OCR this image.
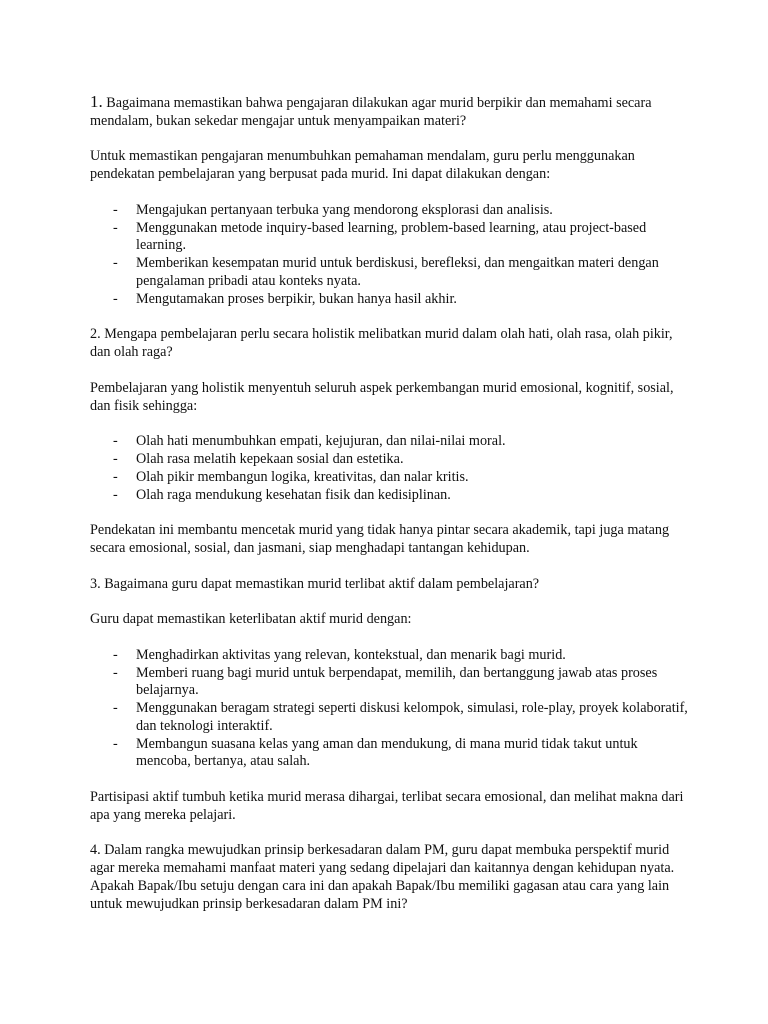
1. Bagaimana memastikan bahwa pengajaran dilakukan agar murid berpikir dan memahami secara mendalam, bukan sekedar mengajar untuk menyampaikan materi?

Untuk memastikan pengajaran menumbuhkan pemahaman mendalam, guru perlu menggunakan pendekatan pembelajaran yang berpusat pada murid. Ini dapat dilakukan dengan:

- Mengajukan pertanyaan terbuka yang mendorong eksplorasi dan analisis.
- Menggunakan metode inquiry-based learning, problem-based learning, atau project-based learning.
- Memberikan kesempatan murid untuk berdiskusi, berefleksi, dan mengaitkan materi dengan pengalaman pribadi atau konteks nyata.
- Mengutamakan proses berpikir, bukan hanya hasil akhir.

2. Mengapa pembelajaran perlu secara holistik melibatkan murid dalam olah hati, olah rasa, olah pikir, dan olah raga?

Pembelajaran yang holistik menyentuh seluruh aspek perkembangan murid emosional, kognitif, sosial, dan fisik sehingga:

- Olah hati menumbuhkan empati, kejujuran, dan nilai-nilai moral.
- Olah rasa melatih kepekaan sosial dan estetika.
- Olah pikir membangun logika, kreativitas, dan nalar kritis.
- Olah raga mendukung kesehatan fisik dan kedisiplinan.

Pendekatan ini membantu mencetak murid yang tidak hanya pintar secara akademik, tapi juga matang secara emosional, sosial, dan jasmani, siap menghadapi tantangan kehidupan.

3. Bagaimana guru dapat memastikan murid terlibat aktif dalam pembelajaran?

Guru dapat memastikan keterlibatan aktif murid dengan:

- Menghadirkan aktivitas yang relevan, kontekstual, dan menarik bagi murid.
- Memberi ruang bagi murid untuk berpendapat, memilih, dan bertanggung jawab atas proses belajarnya.
- Menggunakan beragam strategi seperti diskusi kelompok, simulasi, role-play, proyek kolaboratif, dan teknologi interaktif.
- Membangun suasana kelas yang aman dan mendukung, di mana murid tidak takut untuk mencoba, bertanya, atau salah.

Partisipasi aktif tumbuh ketika murid merasa dihargai, terlibat secara emosional, dan melihat makna dari apa yang mereka pelajari.

4. Dalam rangka mewujudkan prinsip berkesadaran dalam PM, guru dapat membuka perspektif murid agar mereka memahami manfaat materi yang sedang dipelajari dan kaitannya dengan kehidupan nyata. Apakah Bapak/Ibu setuju dengan cara ini dan apakah Bapak/Ibu memiliki gagasan atau cara yang lain untuk mewujudkan prinsip berkesadaran dalam PM ini?
